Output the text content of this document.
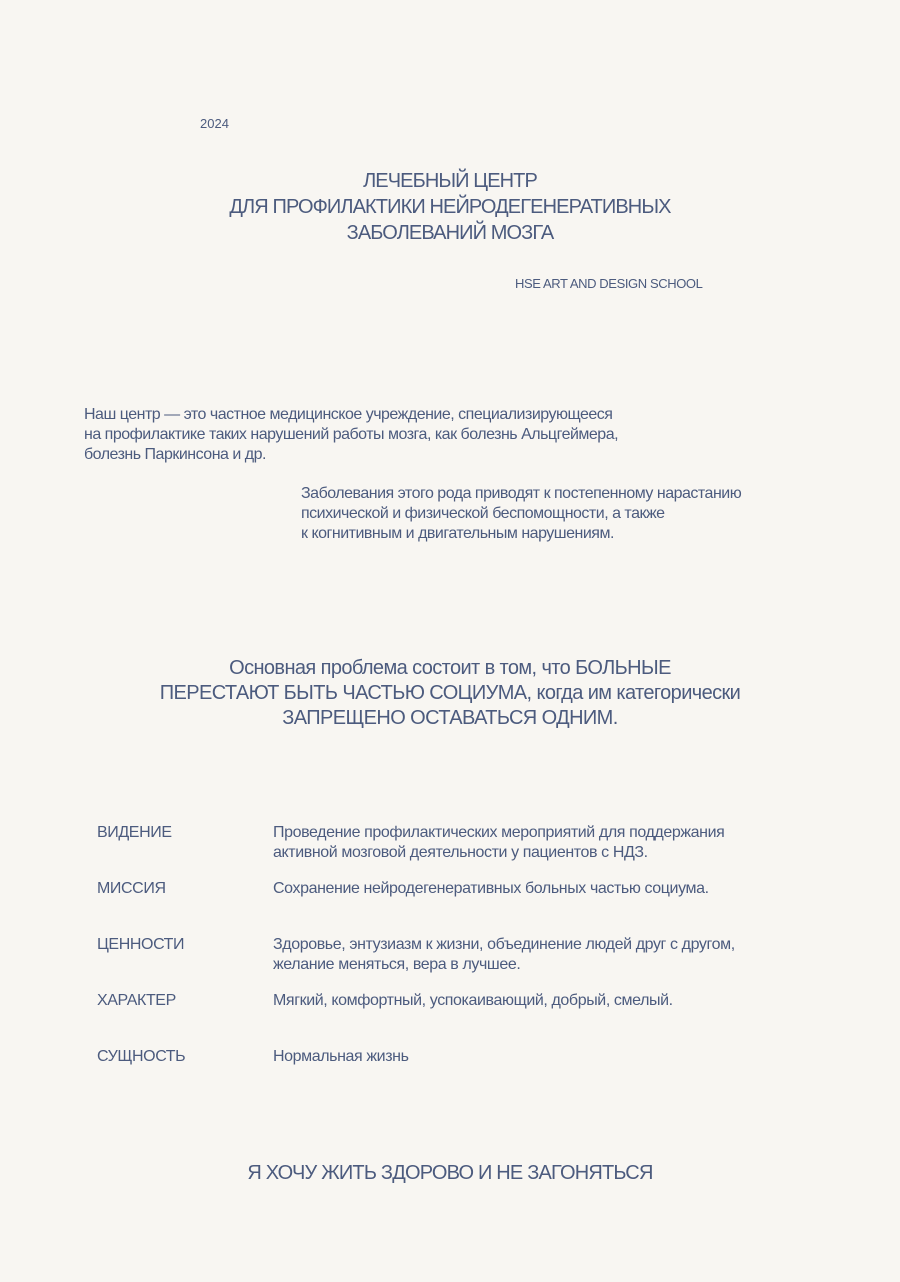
2024
ЛЕЧЕБНЫЙ ЦЕНТР
ДЛЯ ПРОФИЛАКТИКИ НЕЙРОДЕГЕНЕРАТИВНЫХ
ЗАБОЛЕВАНИЙ МОЗГА
HSE ART AND DESIGN SCHOOL
Наш центр — это частное медицинское учреждение, специализирующееся
на профилактике таких нарушений работы мозга, как болезнь Альцгеймера,
болезнь Паркинсона и др.
Заболевания этого рода приводят к постепенному нарастанию
психической и физической беспомощности, а также
к когнитивным и двигательным нарушениям.
Основная проблема состоит в том, что БОЛЬНЫЕ
ПЕРЕСТАЮТ БЫТЬ ЧАСТЬЮ СОЦИУМА, когда им категорически
ЗАПРЕЩЕНО ОСТАВАТЬСЯ ОДНИМ.
ВИДЕНИЕ	Проведение профилактических мероприятий для поддержания
активной мозговой деятельности у пациентов с НДЗ.
МИССИЯ	Сохранение нейродегенеративных больных частью социума.
ЦЕННОСТИ	Здоровье, энтузиазм к жизни, объединение людей друг с другом,
желание меняться, вера в лучшее.
ХАРАКТЕР	Мягкий, комфортный, успокаивающий, добрый, смелый.
СУЩНОСТЬ	Нормальная жизнь
Я ХОЧУ ЖИТЬ ЗДОРОВО И НЕ ЗАГОНЯТЬСЯ
